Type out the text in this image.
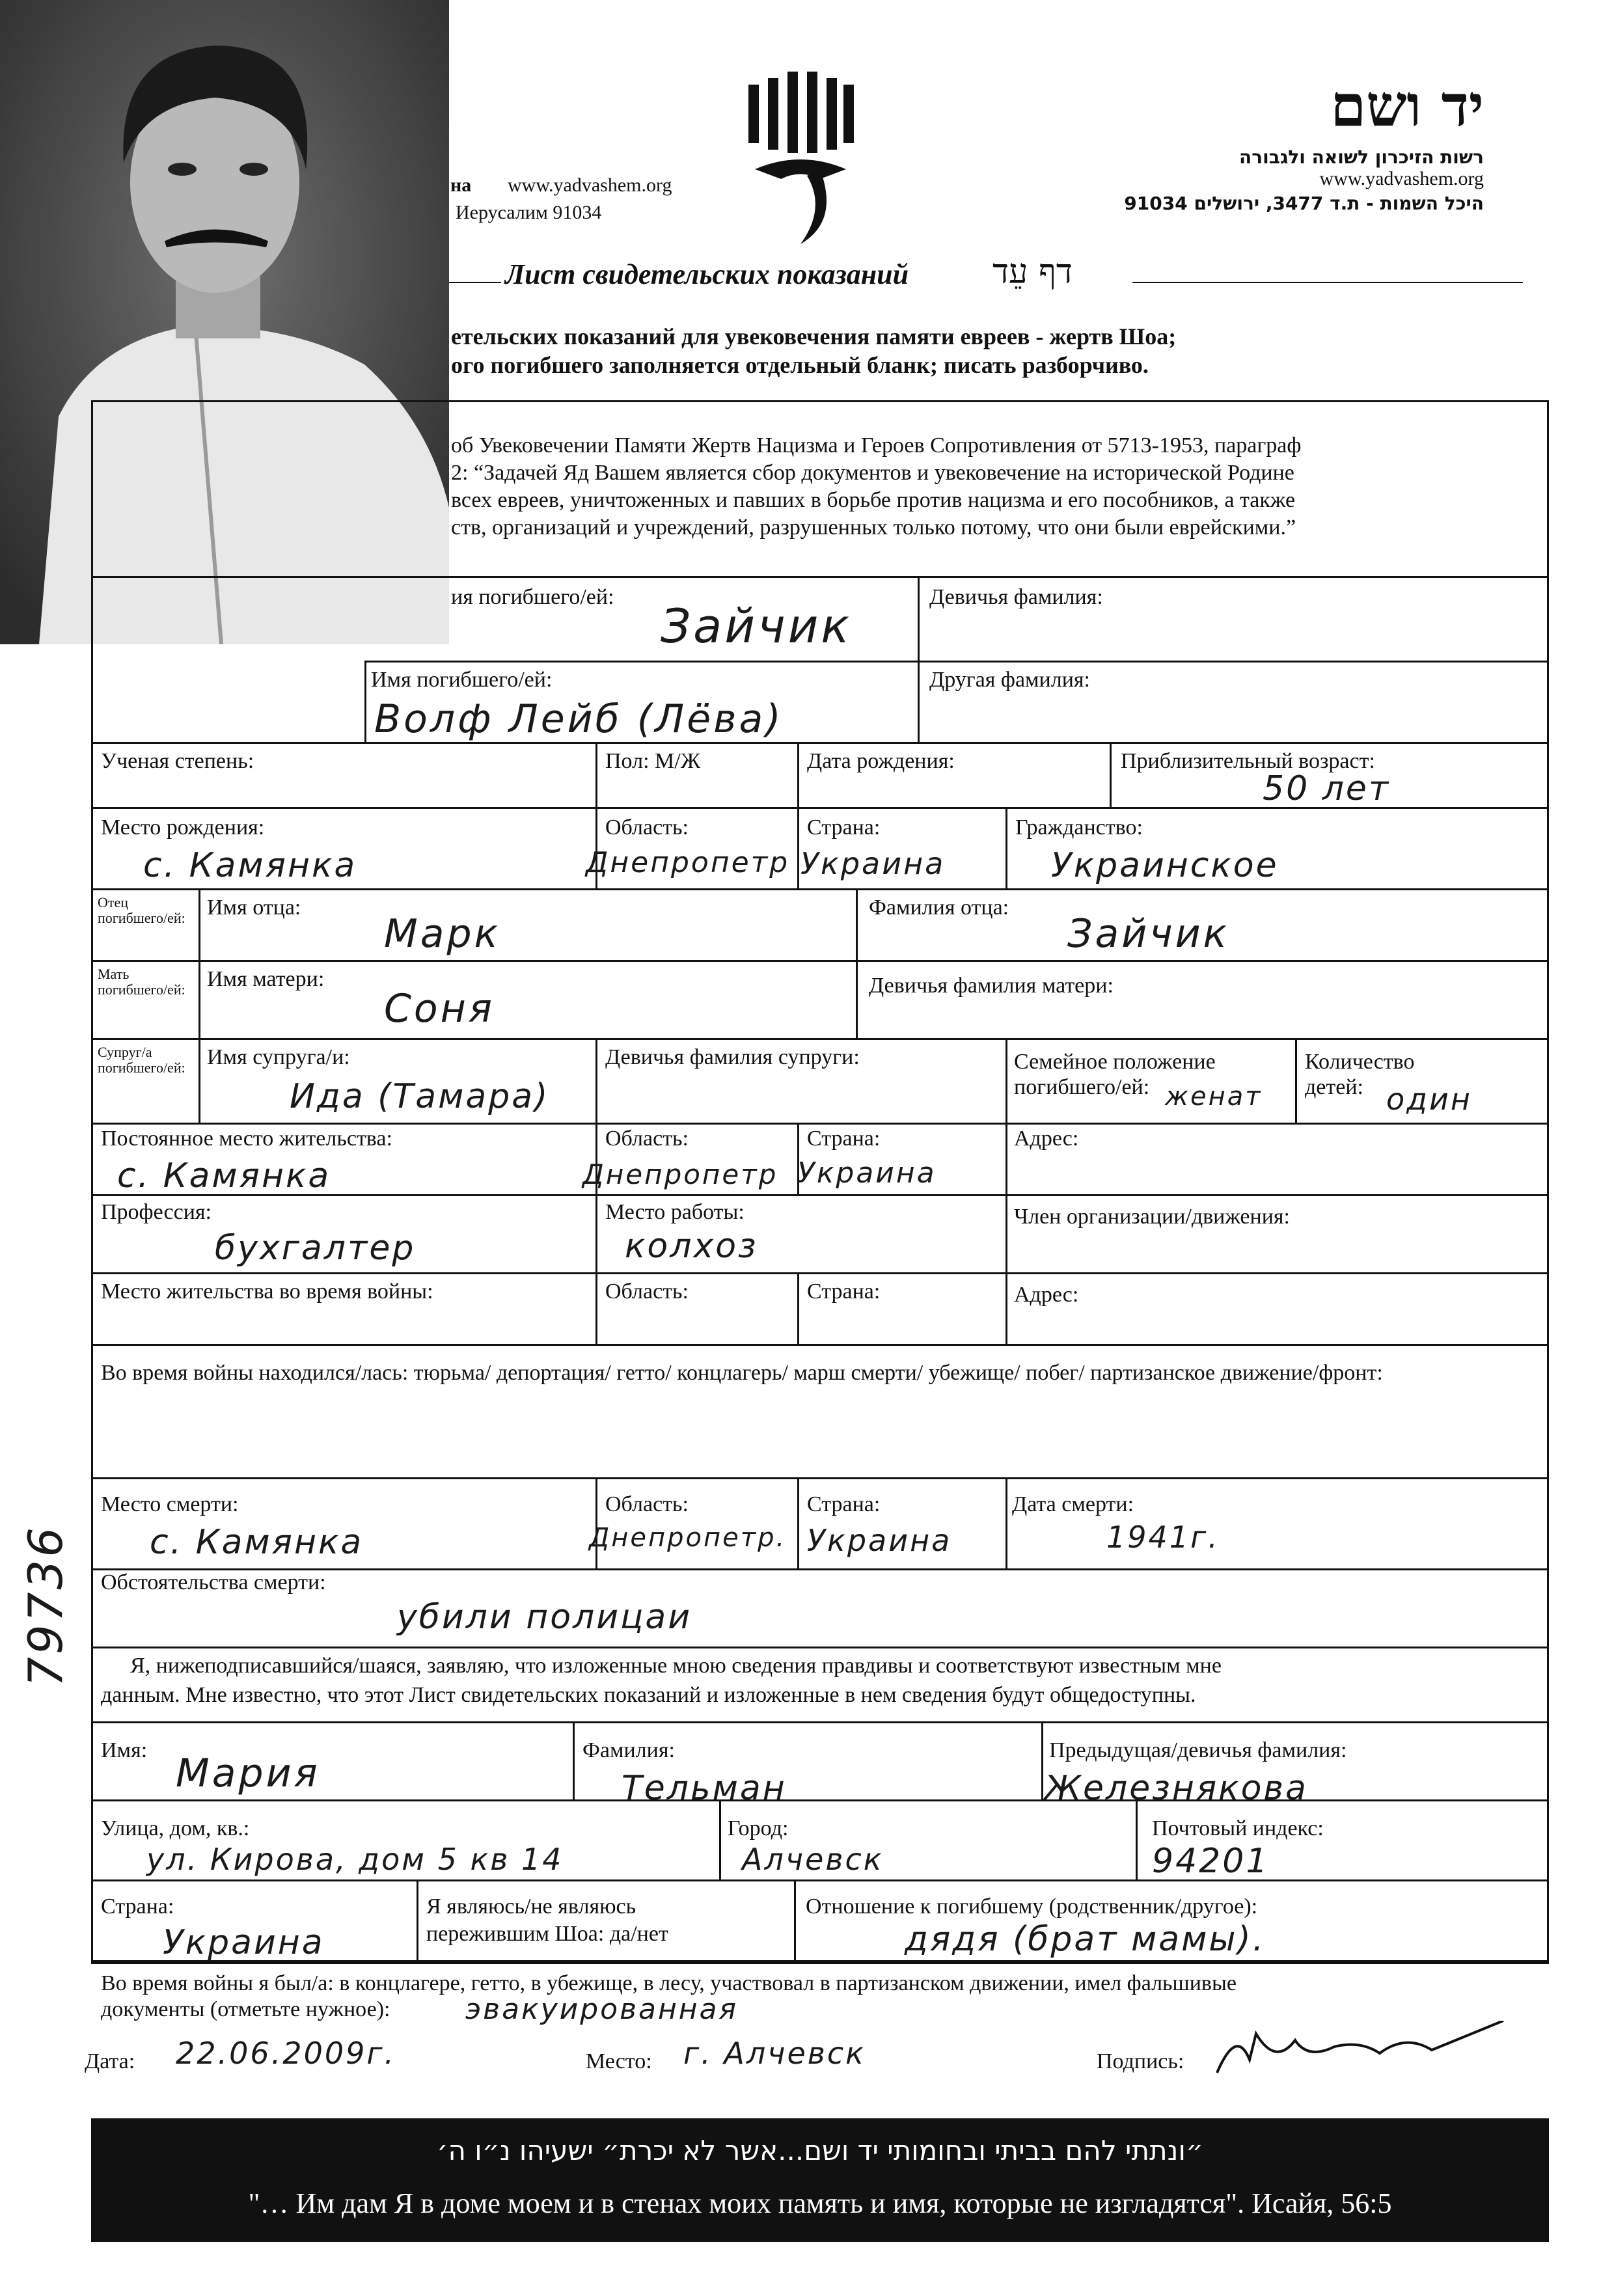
на www.yadvashem.org
Иерусалим 91034
יד ושם
רשות הזיכרון לשואה ולגבורה
www.yadvashem.org
היכל השמות - ת.ד 3477, ירושלים 91034
Лист свидетельских показаний דף עֵד
етельских показаний для увековечения памяти евреев - жертв Шоа;
ого погибшего заполняется отдельный бланк; писать разборчиво.
об Увековечении Памяти Жертв Нацизма и Героев Сопротивления от 5713-1953, параграф
2: “Задачей Яд Вашем является сбор документов и увековечение на исторической Родине
всех евреев, уничтоженных и павших в борьбе против нацизма и его пособников, а также
ств, организаций и учреждений, разрушенных только потому, что они были еврейскими.”
ия погибшего/ей:
Зайчик
Девичья фамилия:
Имя погибшего/ей:
Волф Лейб (Лёва)
Другая фамилия:
Ученая степень:	Пол: М/Ж	Дата рождения:	Приблизительный возраст:
50 лет
Место рождения:
с. Камянка
Область:
Днепропетр
Страна:
Украина
Гражданство:
Украинское
Отец погибшего/ей: Имя отца:
Марк
Фамилия отца:
Зайчик
Мать погибшего/ей: Имя матери:
Соня
Девичья фамилия матери:
Супруг/а погибшего/ей: Имя супруга/и:
Ида (Тамара)
Девичья фамилия супруги:	Семейное положение погибшего/ей: женат
Количество детей: один
Постоянное место жительства:
с. Камянка
Область:
Днепропетр
Страна:
Украина
Адрес:
Профессия:
бухгалтер
Место работы:
колхоз
Член организации/движения:
Место жительства во время войны:	Область:	Страна:	Адрес:
Во время войны находился/лась: тюрьма/ депортация/ гетто/ концлагерь/ марш смерти/ убежище/ побег/ партизанское движение/фронт:
Место смерти:
с. Камянка
Область:
Днепропетр.
Страна:
Украина
Дата смерти:
1941г.
Обстоятельства смерти:
убили полицаи
Я, нижеподписавшийся/шаяся, заявляю, что изложенные мною сведения правдивы и соответствуют известным мне
данным. Мне известно, что этот Лист свидетельских показаний и изложенные в нем сведения будут общедоступны.
Имя:
Мария
Фамилия:
Тельман
Предыдущая/девичья фамилия:
Железнякова
Улица, дом, кв.:
ул. Кирова, дом 5 кв 14
Город:
Алчевск
Почтовый индекс:
94201
Страна:
Украина
Я являюсь/не являюсь
пережившим Шоа: да/нет
Отношение к погибшему (родственник/другое):
дядя (брат мамы).
Во время войны я был/а: в концлагере, гетто, в убежище, в лесу, участвовал в партизанском движении, имел фальшивые
документы (отметьте нужное):	эвакуированная
Дата: 22.06.2009г.	Место: г. Алчевск	Подпись:
״ונתתי להם בביתי ובחומותי יד ושם...אשר לא יכרת״ ישעיהו נ״ו ה׳
"… Им дам Я в доме моем и в стенах моих память и имя, которые не изгладятся". Исайя, 56:5
79736
